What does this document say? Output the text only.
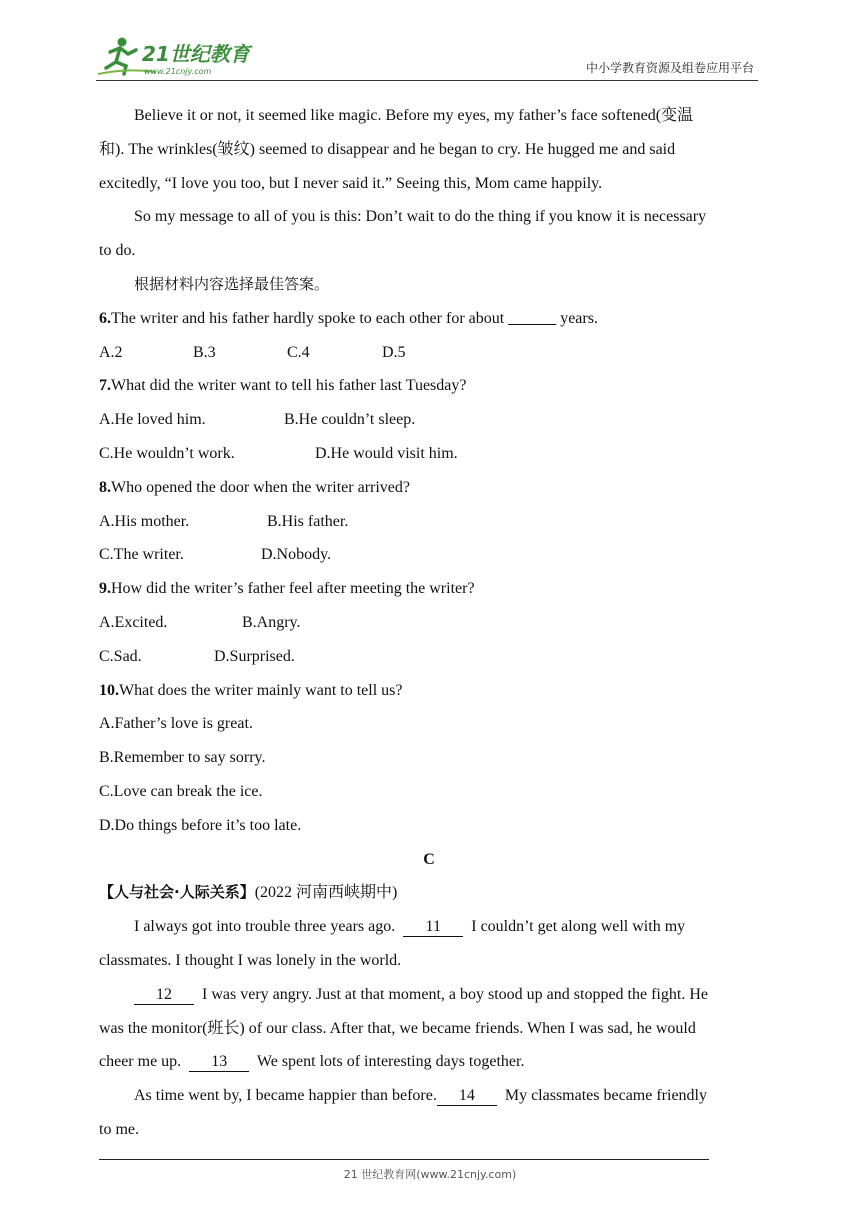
21世纪教育
www.21cnjy.com	中小学教育资源及组卷应用平台
Believe it or not, it seemed like magic. Before my eyes, my father’s face softened(变温
和). The wrinkles(皱纹) seemed to disappear and he began to cry. He hugged me and said
excitedly, “I love you too, but I never said it.” Seeing this, Mom came happily.
So my message to all of you is this: Don’t wait to do the thing if you know it is necessary
to do.
根据材料内容选择最佳答案。
6.The writer and his father hardly spoke to each other for about ______ years.
A.2	B.3	C.4	D.5
7.What did the writer want to tell his father last Tuesday?
A.He loved him.	B.He couldn’t sleep.
C.He wouldn’t work.	D.He would visit him.
8.Who opened the door when the writer arrived?
A.His mother.	B.His father.
C.The writer.	D.Nobody.
9.How did the writer’s father feel after meeting the writer?
A.Excited.	B.Angry.
C.Sad.	D.Surprised.
10.What does the writer mainly want to tell us?
A.Father’s love is great.
B.Remember to say sorry.
C.Love can break the ice.
D.Do things before it’s too late.
C
【人与社会·人际关系】(2022 河南西峡期中)
I always got into trouble three years ago. 11 I couldn’t get along well with my
classmates. I thought I was lonely in the world.
12 I was very angry. Just at that moment, a boy stood up and stopped the fight. He
was the monitor(班长) of our class. After that, we became friends. When I was sad, he would
cheer me up. 13 We spent lots of interesting days together.
As time went by, I became happier than before. 14 My classmates became friendly
to me.
21 世纪教育网(www.21cnjy.com)
